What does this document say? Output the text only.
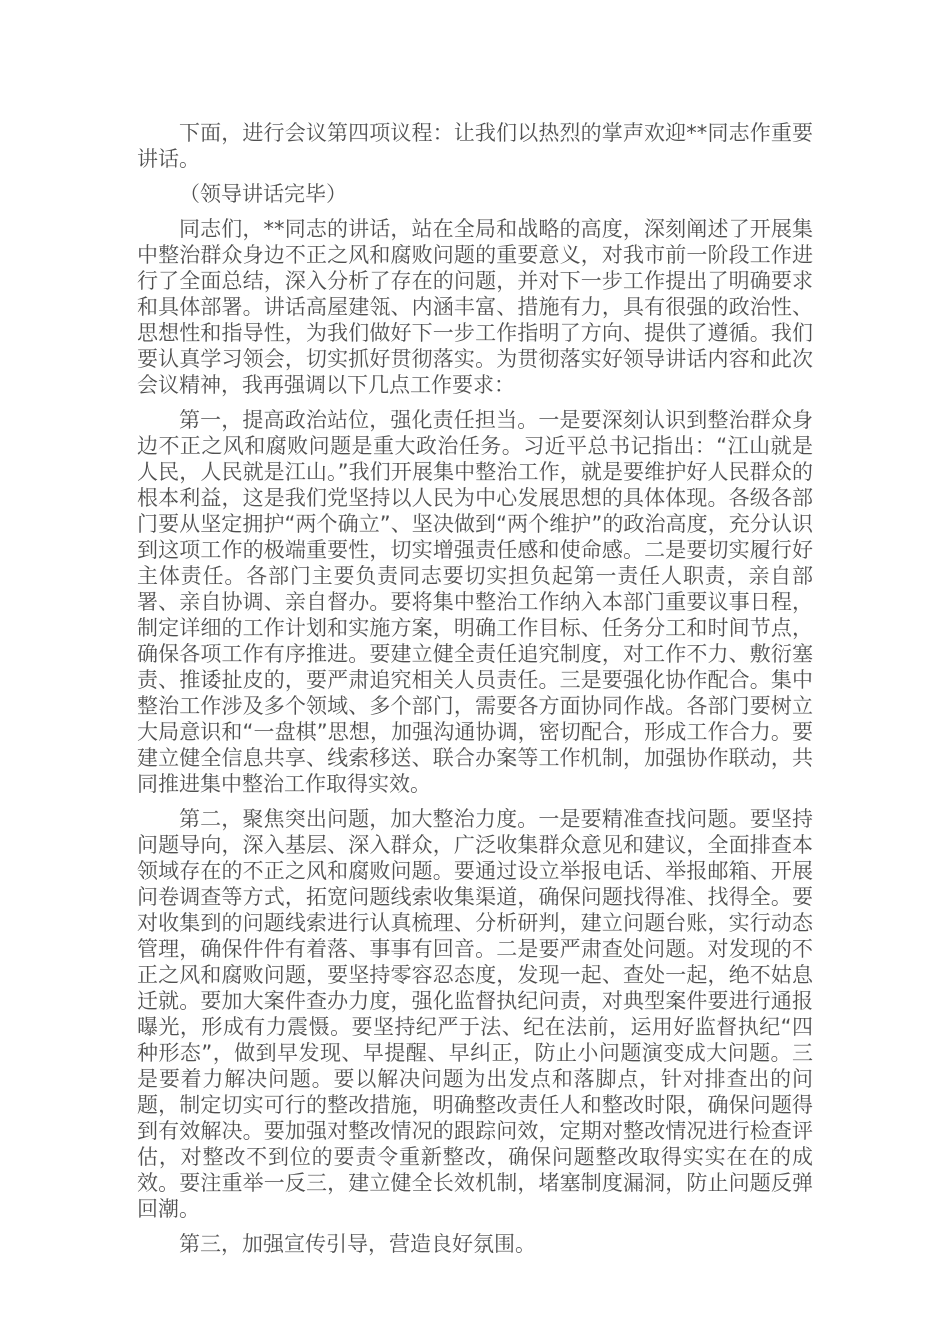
下面，进行会议第四项议程：让我们以热烈的掌声欢迎**同志作重要讲话。

（领导讲话完毕）

同志们，**同志的讲话，站在全局和战略的高度，深刻阐述了开展集中整治群众身边不正之风和腐败问题的重要意义，对我市前一阶段工作进行了全面总结，深入分析了存在的问题，并对下一步工作提出了明确要求和具体部署。讲话高屋建瓴、内涵丰富、措施有力，具有很强的政治性、思想性和指导性，为我们做好下一步工作指明了方向、提供了遵循。我们要认真学习领会，切实抓好贯彻落实。为贯彻落实好领导讲话内容和此次会议精神，我再强调以下几点工作要求：

第一，提高政治站位，强化责任担当。一是要深刻认识到整治群众身边不正之风和腐败问题是重大政治任务。习近平总书记指出：“江山就是人民，人民就是江山。”我们开展集中整治工作，就是要维护好人民群众的根本利益，这是我们党坚持以人民为中心发展思想的具体体现。各级各部门要从坚定拥护“两个确立”、坚决做到“两个维护”的政治高度，充分认识到这项工作的极端重要性，切实增强责任感和使命感。二是要切实履行好主体责任。各部门主要负责同志要切实担负起第一责任人职责，亲自部署、亲自协调、亲自督办。要将集中整治工作纳入本部门重要议事日程，制定详细的工作计划和实施方案，明确工作目标、任务分工和时间节点，确保各项工作有序推进。要建立健全责任追究制度，对工作不力、敷衍塞责、推诿扯皮的，要严肃追究相关人员责任。三是要强化协作配合。集中整治工作涉及多个领域、多个部门，需要各方面协同作战。各部门要树立大局意识和“一盘棋”思想，加强沟通协调，密切配合，形成工作合力。要建立健全信息共享、线索移送、联合办案等工作机制，加强协作联动，共同推进集中整治工作取得实效。

第二，聚焦突出问题，加大整治力度。一是要精准查找问题。要坚持问题导向，深入基层、深入群众，广泛收集群众意见和建议，全面排查本领域存在的不正之风和腐败问题。要通过设立举报电话、举报邮箱、开展问卷调查等方式，拓宽问题线索收集渠道，确保问题找得准、找得全。要对收集到的问题线索进行认真梳理、分析研判，建立问题台账，实行动态管理，确保件件有着落、事事有回音。二是要严肃查处问题。对发现的不正之风和腐败问题，要坚持零容忍态度，发现一起、查处一起，绝不姑息迁就。要加大案件查办力度，强化监督执纪问责，对典型案件要进行通报曝光，形成有力震慑。要坚持纪严于法、纪在法前，运用好监督执纪“四种形态”，做到早发现、早提醒、早纠正，防止小问题演变成大问题。三是要着力解决问题。要以解决问题为出发点和落脚点，针对排查出的问题，制定切实可行的整改措施，明确整改责任人和整改时限，确保问题得到有效解决。要加强对整改情况的跟踪问效，定期对整改情况进行检查评估，对整改不到位的要责令重新整改，确保问题整改取得实实在在的成效。要注重举一反三，建立健全长效机制，堵塞制度漏洞，防止问题反弹回潮。

第三，加强宣传引导，营造良好氛围。
